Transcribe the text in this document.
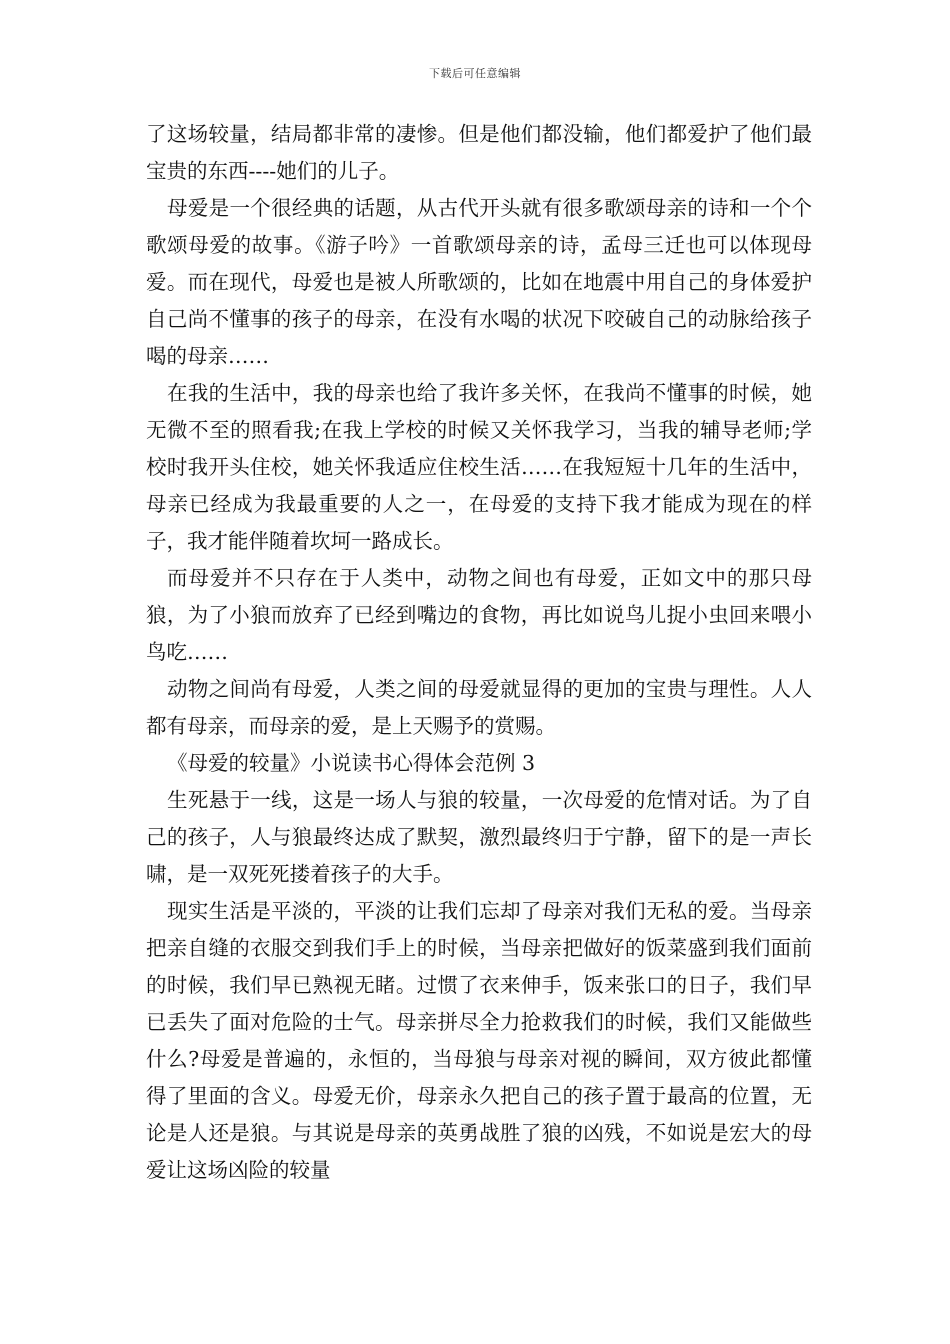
下载后可任意编辑

了这场较量，结局都非常的凄惨。但是他们都没输，他们都爱护了他们最宝贵的东西----她们的儿子。

母爱是一个很经典的话题，从古代开头就有很多歌颂母亲的诗和一个个歌颂母爱的故事。《游子吟》一首歌颂母亲的诗，孟母三迁也可以体现母爱。而在现代，母爱也是被人所歌颂的，比如在地震中用自己的身体爱护自己尚不懂事的孩子的母亲，在没有水喝的状况下咬破自己的动脉给孩子喝的母亲……

在我的生活中，我的母亲也给了我许多关怀，在我尚不懂事的时候，她无微不至的照看我;在我上学校的时候又关怀我学习，当我的辅导老师;学校时我开头住校，她关怀我适应住校生活……在我短短十几年的生活中，母亲已经成为我最重要的人之一，在母爱的支持下我才能成为现在的样子，我才能伴随着坎坷一路成长。

而母爱并不只存在于人类中，动物之间也有母爱，正如文中的那只母狼，为了小狼而放弃了已经到嘴边的食物，再比如说鸟儿捉小虫回来喂小鸟吃……

动物之间尚有母爱，人类之间的母爱就显得的更加的宝贵与理性。人人都有母亲，而母亲的爱，是上天赐予的赏赐。

《母爱的较量》小说读书心得体会范例 3

生死悬于一线，这是一场人与狼的较量，一次母爱的危情对话。为了自己的孩子，人与狼最终达成了默契，激烈最终归于宁静，留下的是一声长啸，是一双死死搂着孩子的大手。

现实生活是平淡的，平淡的让我们忘却了母亲对我们无私的爱。当母亲把亲自缝的衣服交到我们手上的时候，当母亲把做好的饭菜盛到我们面前的时候，我们早已熟视无睹。过惯了衣来伸手，饭来张口的日子，我们早已丢失了面对危险的士气。母亲拼尽全力抢救我们的时候，我们又能做些什么?母爱是普遍的，永恒的，当母狼与母亲对视的瞬间，双方彼此都懂得了里面的含义。母爱无价，母亲永久把自己的孩子置于最高的位置，无论是人还是狼。与其说是母亲的英勇战胜了狼的凶残，不如说是宏大的母爱让这场凶险的较量
